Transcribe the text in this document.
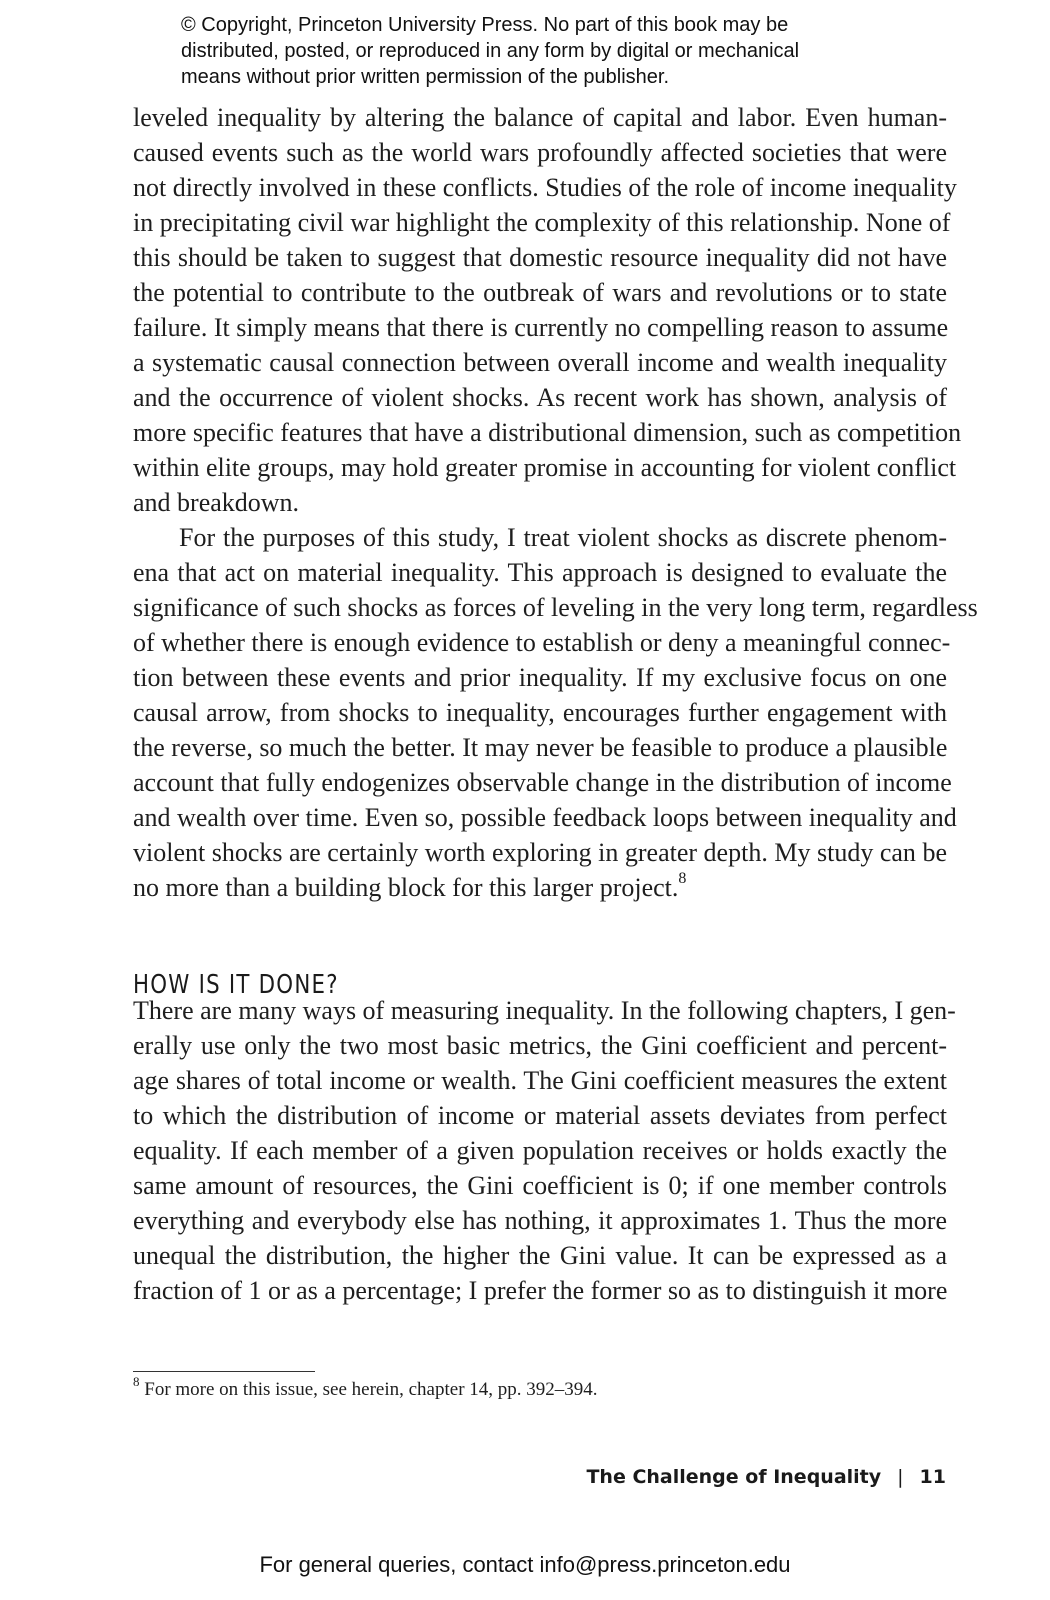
© Copyright, Princeton University Press. No part of this book may be
distributed, posted, or reproduced in any form by digital or mechanical
means without prior written permission of the publisher.
leveled inequality by altering the balance of capital and labor. Even human-
caused events such as the world wars profoundly affected societies that were
not directly involved in these conflicts. Studies of the role of income inequality
in precipitating civil war highlight the complexity of this relationship. None of
this should be taken to suggest that domestic resource inequality did not have
the potential to contribute to the outbreak of wars and revolutions or to state
failure. It simply means that there is currently no compelling reason to assume
a systematic causal connection between overall income and wealth inequality
and the occurrence of violent shocks. As recent work has shown, analysis of
more specific features that have a distributional dimension, such as competition
within elite groups, may hold greater promise in accounting for violent conflict
and breakdown.
For the purposes of this study, I treat violent shocks as discrete phenom-
ena that act on material inequality. This approach is designed to evaluate the
significance of such shocks as forces of leveling in the very long term, regardless
of whether there is enough evidence to establish or deny a meaningful connec-
tion between these events and prior inequality. If my exclusive focus on one
causal arrow, from shocks to inequality, encourages further engagement with
the reverse, so much the better. It may never be feasible to produce a plausible
account that fully endogenizes observable change in the distribution of income
and wealth over time. Even so, possible feedback loops between inequality and
violent shocks are certainly worth exploring in greater depth. My study can be
no more than a building block for this larger project.$^8$
HOW IS IT DONE?
There are many ways of measuring inequality. In the following chapters, I gen-
erally use only the two most basic metrics, the Gini coefficient and percent-
age shares of total income or wealth. The Gini coefficient measures the extent
to which the distribution of income or material assets deviates from perfect
equality. If each member of a given population receives or holds exactly the
same amount of resources, the Gini coefficient is 0; if one member controls
everything and everybody else has nothing, it approximates 1. Thus the more
unequal the distribution, the higher the Gini value. It can be expressed as a
fraction of 1 or as a percentage; I prefer the former so as to distinguish it more
$^8$ For more on this issue, see herein, chapter 14, pp. 392–394.
The Challenge of Inequality | 11
For general queries, contact info@press.princeton.edu
